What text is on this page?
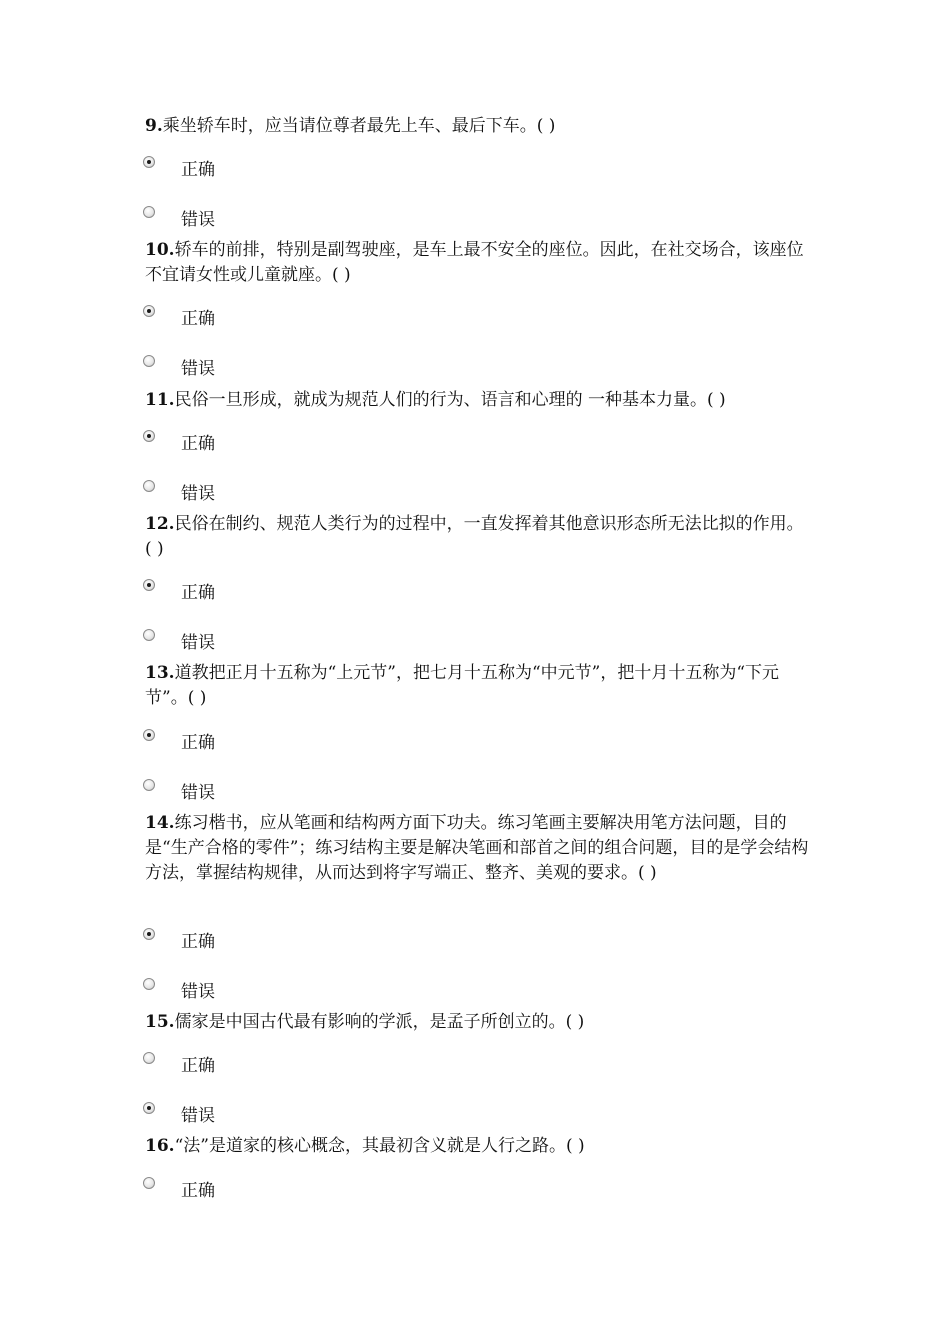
9.乘坐轿车时，应当请位尊者最先上车、最后下车。( )

正确
错误

10.轿车的前排，特别是副驾驶座，是车上最不安全的座位。因此，在社交场合，该座位不宜请女性或儿童就座。( )

正确
错误

11.民俗一旦形成，就成为规范人们的行为、语言和心理的 一种基本力量。( )

正确
错误

12.民俗在制约、规范人类行为的过程中，一直发挥着其他意识形态所无法比拟的作用。( )

正确
错误

13.道教把正月十五称为“上元节”，把七月十五称为“中元节”，把十月十五称为“下元节”。( )

正确
错误

14.练习楷书，应从笔画和结构两方面下功夫。练习笔画主要解决用笔方法问题，目的是“生产合格的零件”；练习结构主要是解决笔画和部首之间的组合问题，目的是学会结构方法，掌握结构规律，从而达到将字写端正、整齐、美观的要求。( )

正确
错误

15.儒家是中国古代最有影响的学派，是孟子所创立的。( )

正确
错误

16.“法”是道家的核心概念，其最初含义就是人行之路。( )

正确
